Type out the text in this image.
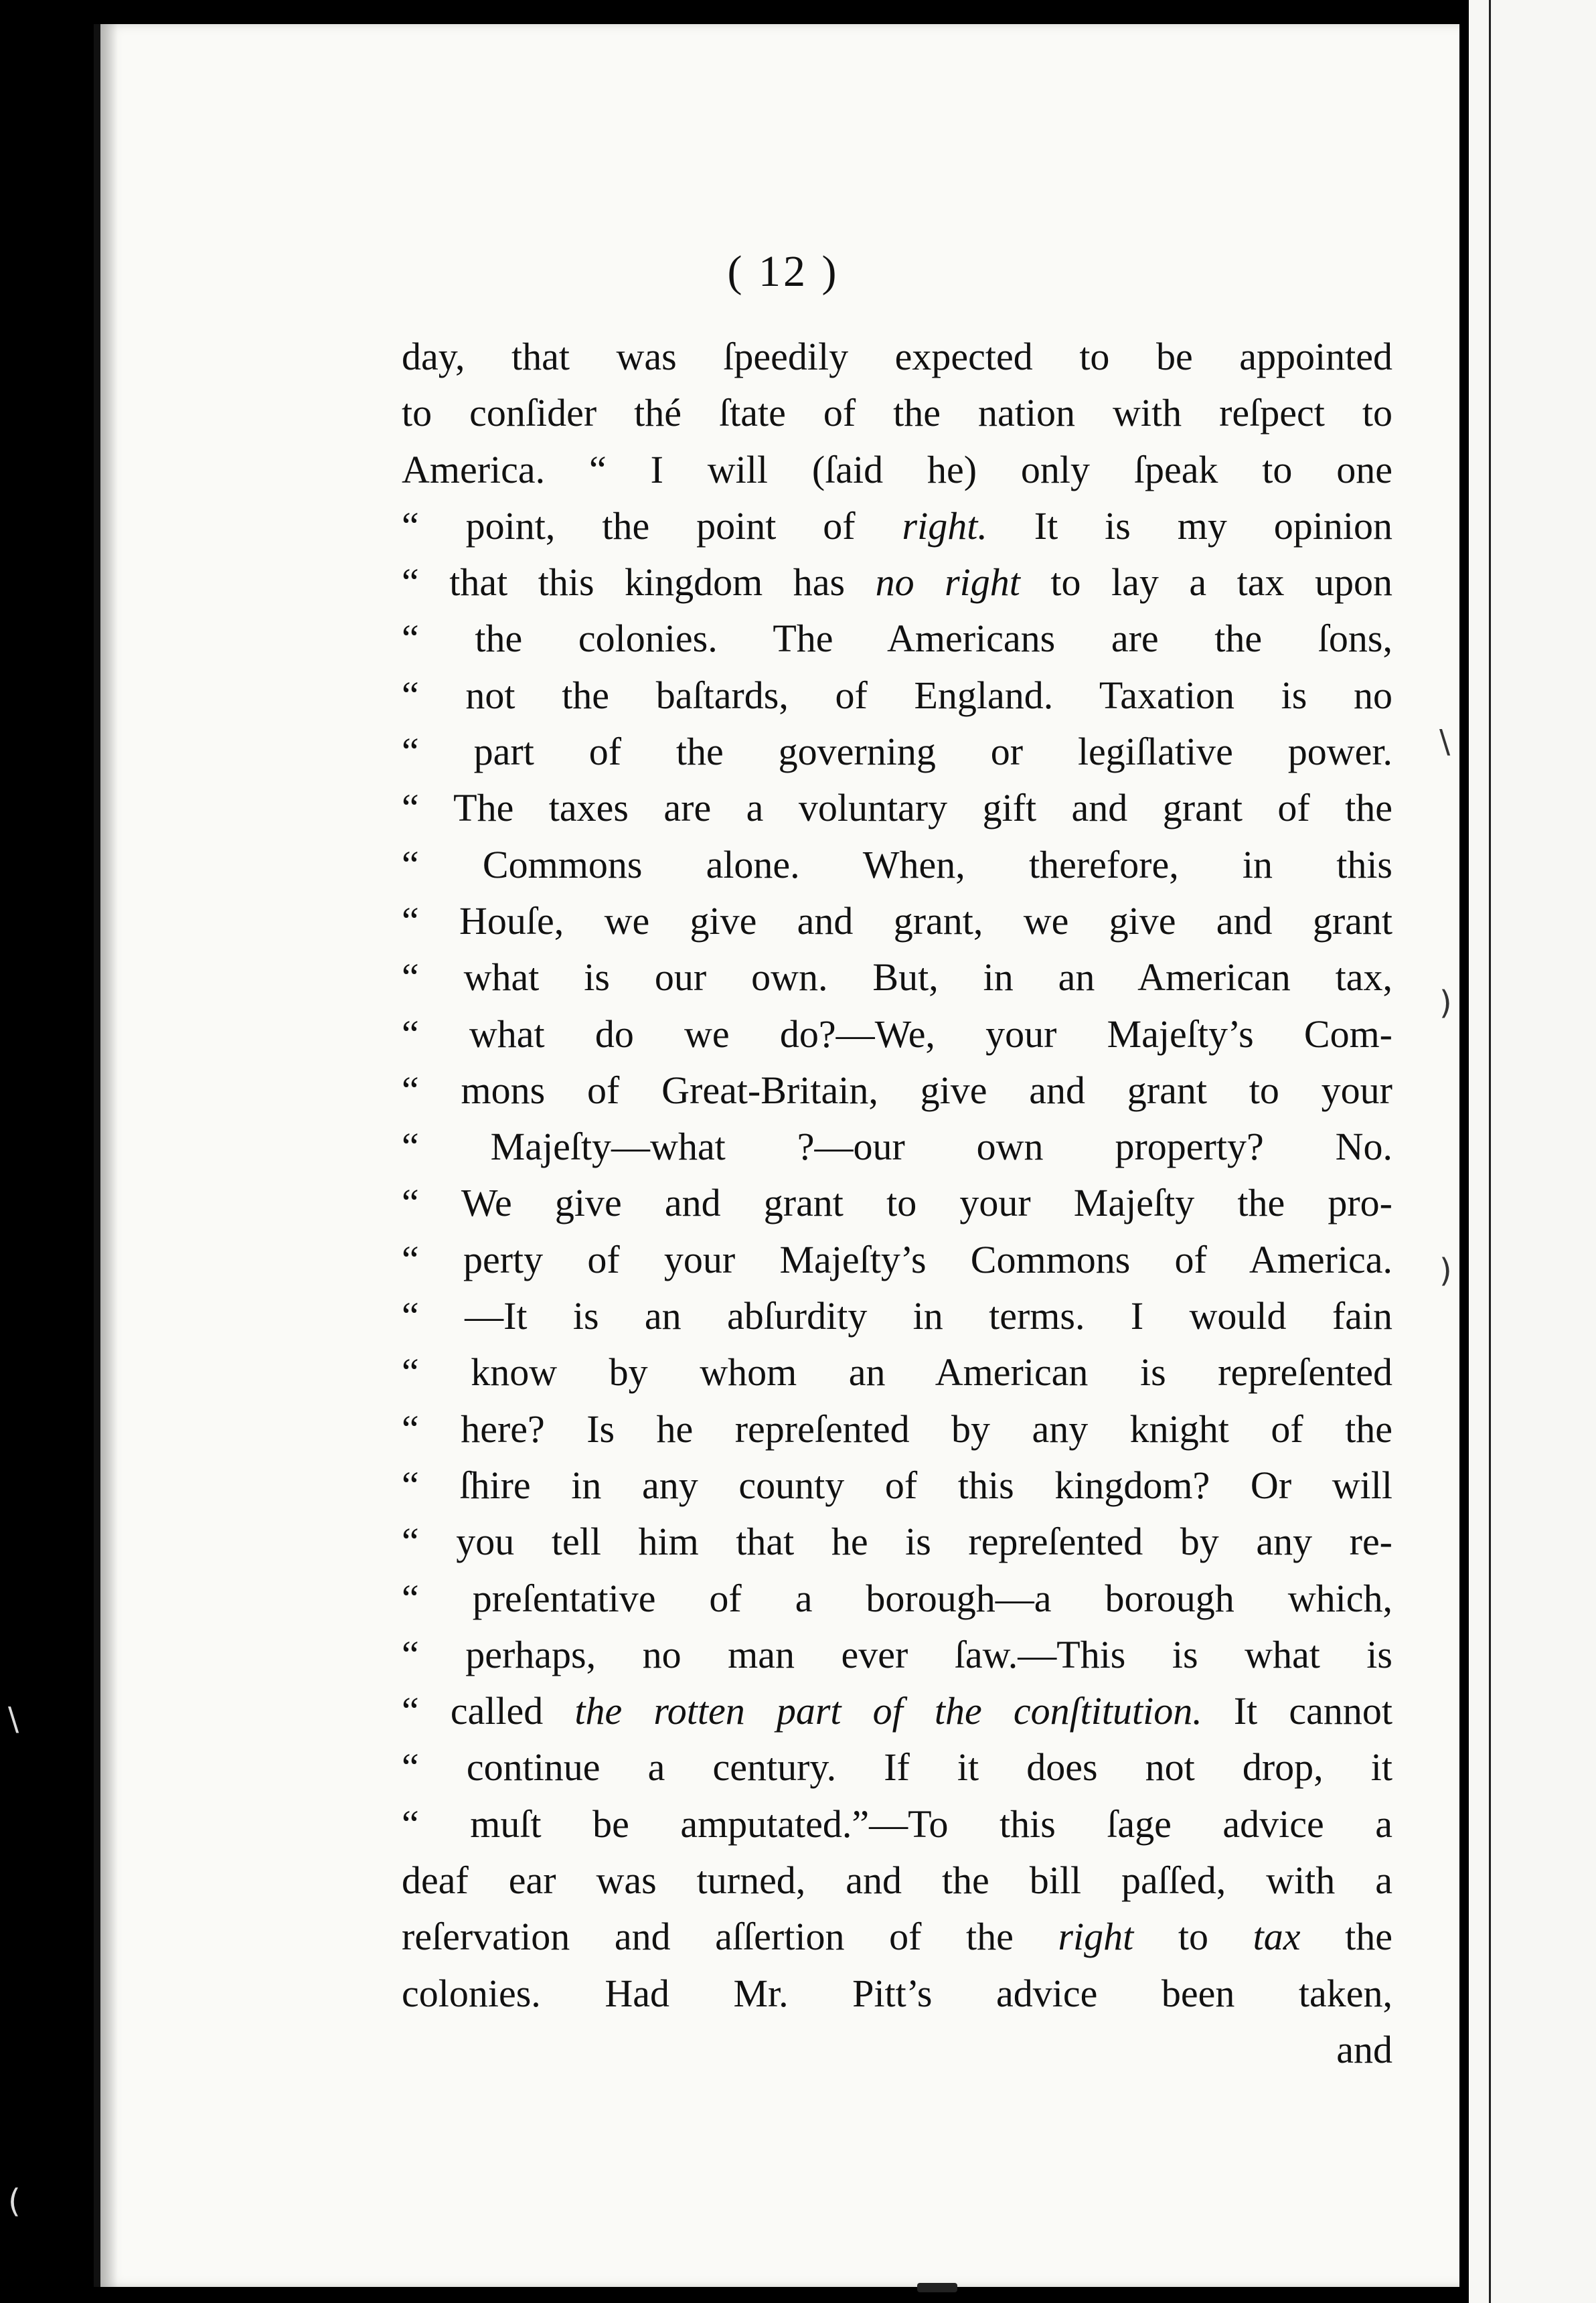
( 12 )
day, that was ſpeedily expected to be appointed
to conſider thé ſtate of the nation with reſpect to
America. “ I will (ſaid he) only ſpeak to one
“ point, the point of right. It is my opinion
“ that this kingdom has no right to lay a tax upon
“ the colonies. The Americans are the ſons,
“ not the baſtards, of England. Taxation is no
“ part of the governing or legiſlative power.
“ The taxes are a voluntary gift and grant of the
“ Commons alone. When, therefore, in this
“ Houſe, we give and grant, we give and grant
“ what is our own. But, in an American tax,
“ what do we do?—We, your Majeſty’s Com-
“ mons of Great-Britain, give and grant to your
“ Majeſty—what ?—our own property? No.
“ We give and grant to your Majeſty the pro-
“ perty of your Majeſty’s Commons of America.
“ —It is an abſurdity in terms. I would fain
“ know by whom an American is repreſented
“ here? Is he repreſented by any knight of the
“ ſhire in any county of this kingdom? Or will
“ you tell him that he is repreſented by any re-
“ preſentative of a borough—a borough which,
“ perhaps, no man ever ſaw.—This is what is
“ called the rotten part of the conſtitution. It cannot
“ continue a century. If it does not drop, it
“ muſt be amputated.”—To this ſage advice a
deaf ear was turned, and the bill paſſed, with a
reſervation and aſſertion of the right to tax the
colonies. Had Mr. Pitt’s advice been taken,
and
\
)
)
\
(
